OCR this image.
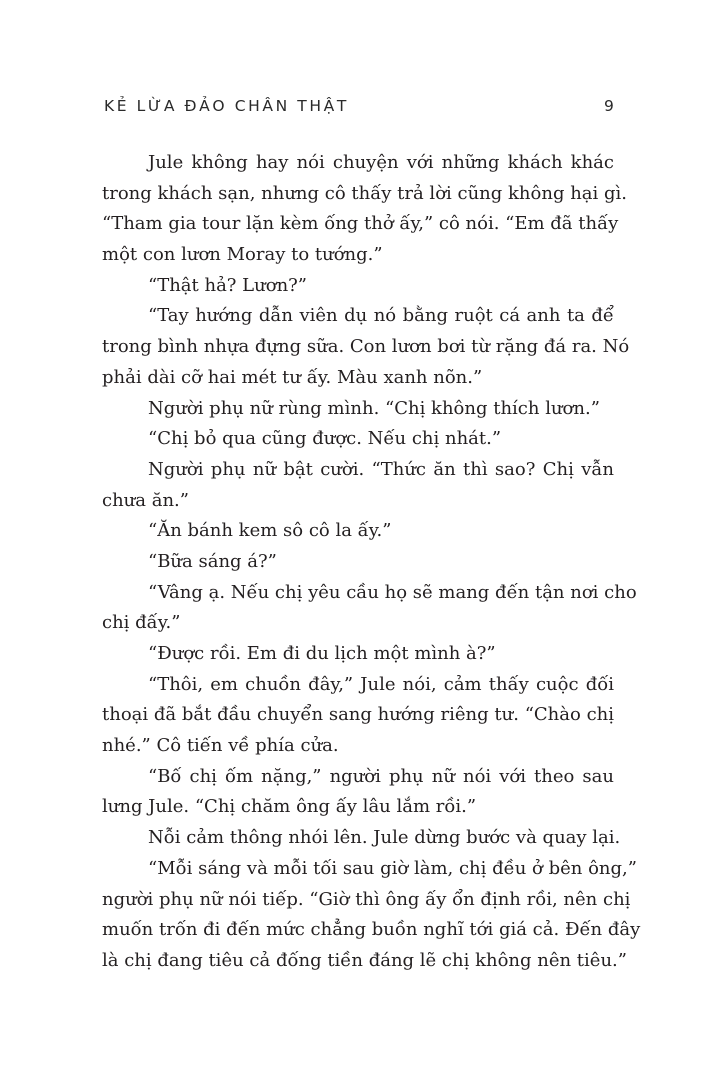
KẺ LỪA ĐẢO CHÂN THẬT	9
Jule không hay nói chuyện với những khách khác
trong khách sạn, nhưng cô thấy trả lời cũng không hại gì.
“Tham gia tour lặn kèm ống thở ấy,” cô nói. “Em đã thấy
một con lươn Moray to tướng.”
“Thật hả? Lươn?”
“Tay hướng dẫn viên dụ nó bằng ruột cá anh ta để
trong bình nhựa đựng sữa. Con lươn bơi từ rặng đá ra. Nó
phải dài cỡ hai mét tư ấy. Màu xanh nõn.”
Người phụ nữ rùng mình. “Chị không thích lươn.”
“Chị bỏ qua cũng được. Nếu chị nhát.”
Người phụ nữ bật cười. “Thức ăn thì sao? Chị vẫn
chưa ăn.”
“Ăn bánh kem sô cô la ấy.”
“Bữa sáng á?”
“Vâng ạ. Nếu chị yêu cầu họ sẽ mang đến tận nơi cho
chị đấy.”
“Được rồi. Em đi du lịch một mình à?”
“Thôi, em chuồn đây,” Jule nói, cảm thấy cuộc đối
thoại đã bắt đầu chuyển sang hướng riêng tư. “Chào chị
nhé.” Cô tiến về phía cửa.
“Bố chị ốm nặng,” người phụ nữ nói với theo sau
lưng Jule. “Chị chăm ông ấy lâu lắm rồi.”
Nỗi cảm thông nhói lên. Jule dừng bước và quay lại.
“Mỗi sáng và mỗi tối sau giờ làm, chị đều ở bên ông,”
người phụ nữ nói tiếp. “Giờ thì ông ấy ổn định rồi, nên chị
muốn trốn đi đến mức chẳng buồn nghĩ tới giá cả. Đến đây
là chị đang tiêu cả đống tiền đáng lẽ chị không nên tiêu.”
